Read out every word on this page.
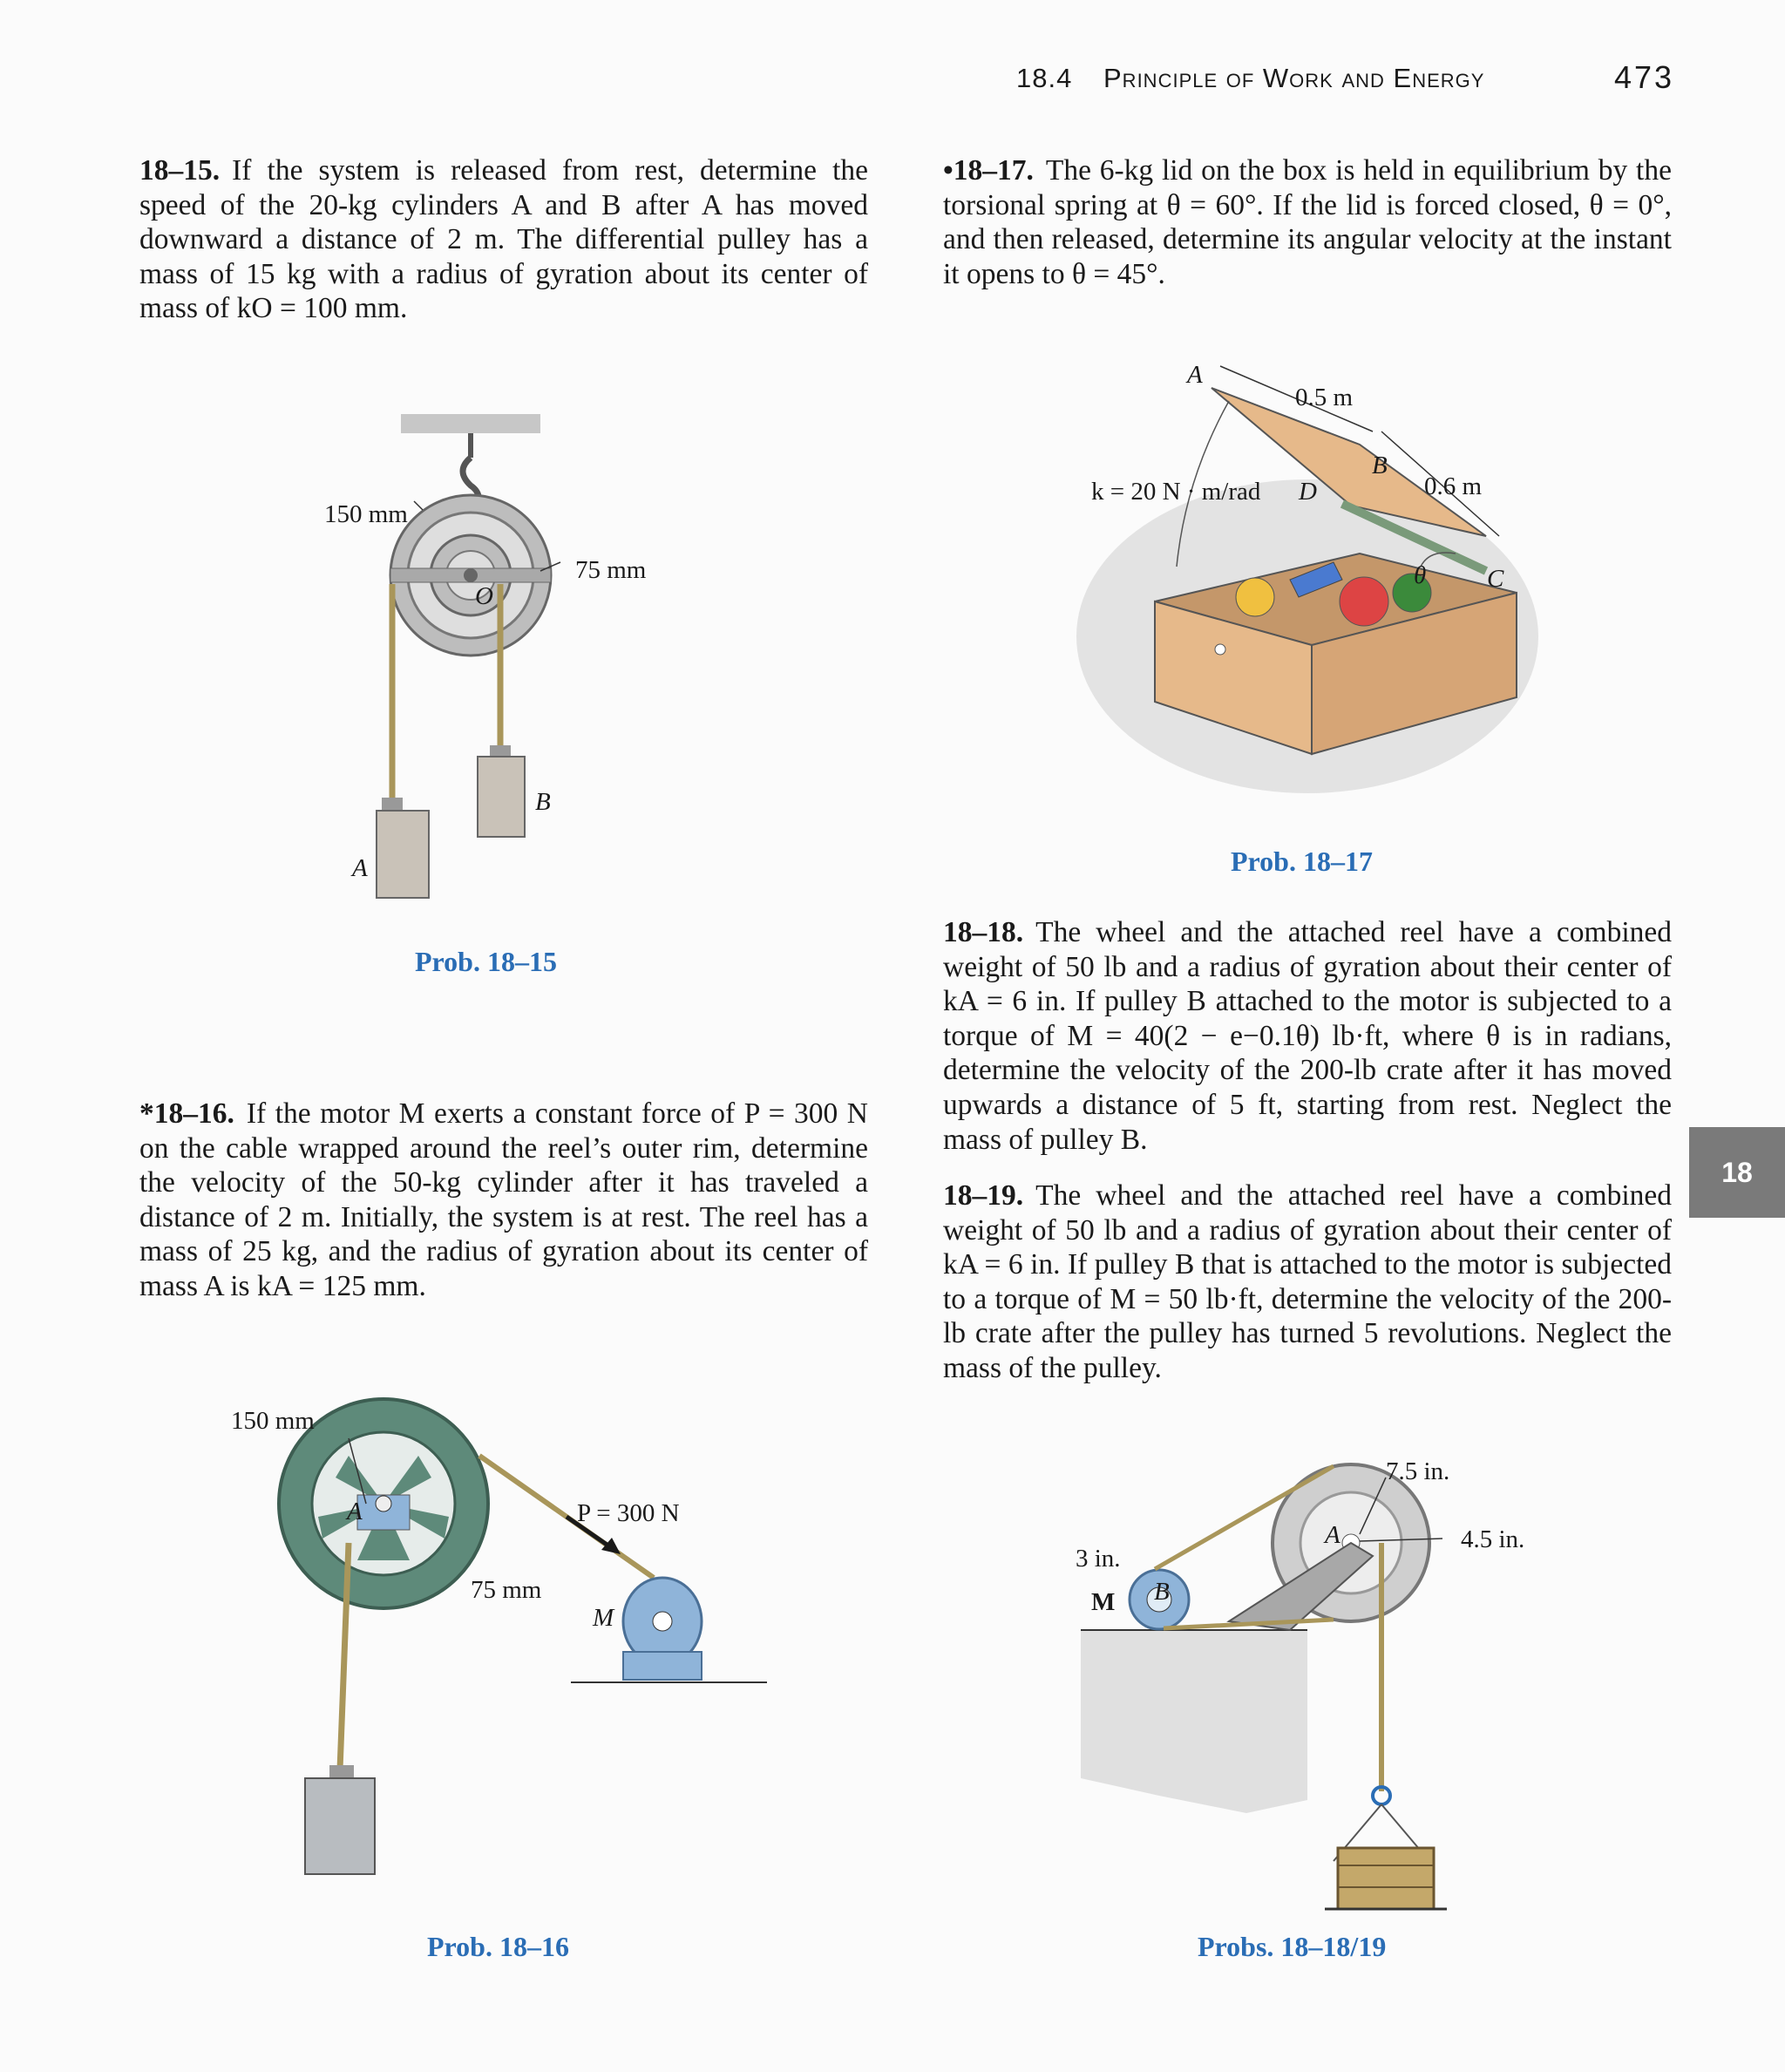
18.4 Principle of Work and Energy	473
18
18–15. If the system is released from rest, determine the speed of the 20-kg cylinders A and B after A has moved downward a distance of 2 m. The differential pulley has a mass of 15 kg with a radius of gyration about its center of mass of kO = 100 mm.
•18–17. The 6-kg lid on the box is held in equilibrium by the torsional spring at θ = 60°. If the lid is forced closed, θ = 0°, and then released, determine its angular velocity at the instant it opens to θ = 45°.
*18–16. If the motor M exerts a constant force of P = 300 N on the cable wrapped around the reel’s outer rim, determine the velocity of the 50-kg cylinder after it has traveled a distance of 2 m. Initially, the system is at rest. The reel has a mass of 25 kg, and the radius of gyration about its center of mass A is kA = 125 mm.
18–18. The wheel and the attached reel have a combined weight of 50 lb and a radius of gyration about their center of kA = 6 in. If pulley B attached to the motor is subjected to a torque of M = 40(2 − e−0.1θ) lb·ft, where θ is in radians, determine the velocity of the 200-lb crate after it has moved upwards a distance of 5 ft, starting from rest. Neglect the mass of pulley B.
18–19. The wheel and the attached reel have a combined weight of 50 lb and a radius of gyration about their center of kA = 6 in. If pulley B that is attached to the motor is subjected to a torque of M = 50 lb·ft, determine the velocity of the 200-lb crate after the pulley has turned 5 revolutions. Neglect the mass of the pulley.
150 mm
75 mm
O
A
B
Prob. 18–15
A
0.5 m
B
0.6 m
k = 20 N · m/rad D
θ C
Prob. 18–17
150 mm
A
75 mm
P = 300 N
M
Prob. 18–16
7.5 in.
A	4.5 in.
3 in.
M B
Probs. 18–18/19
